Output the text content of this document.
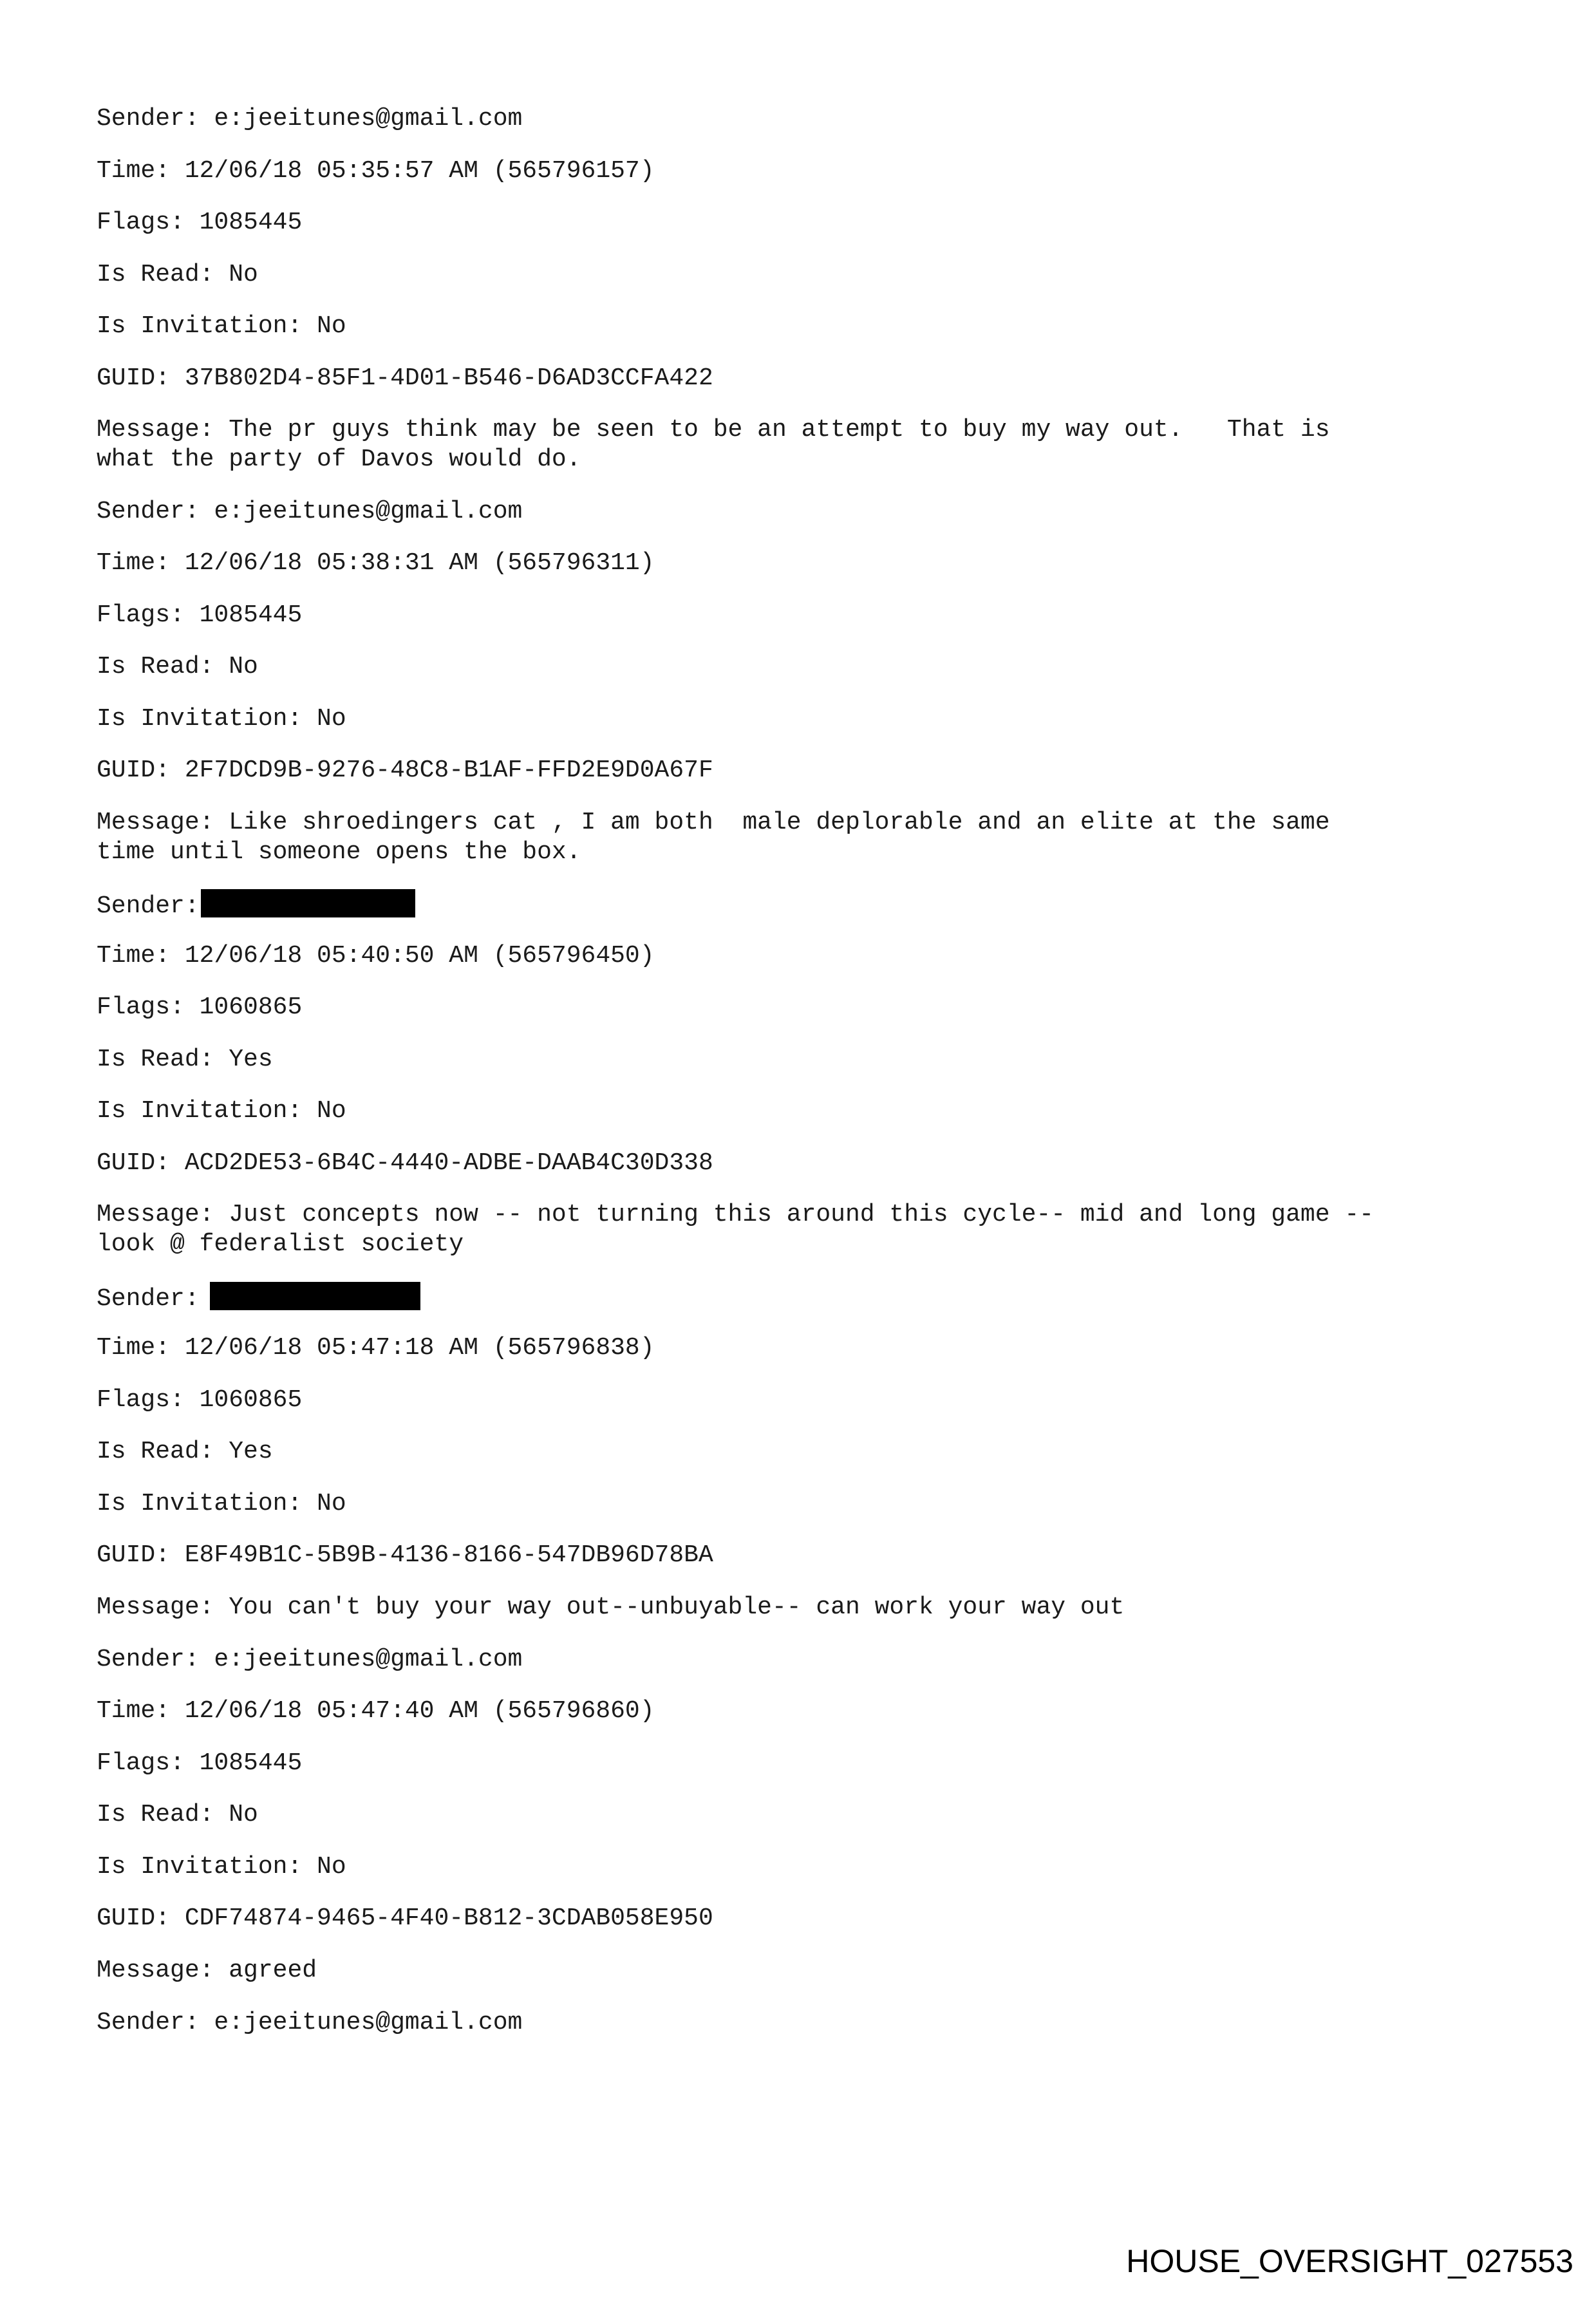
Sender: e:jeeitunes@gmail.com
Time: 12/06/18 05:35:57 AM (565796157)
Flags: 1085445
Is Read: No
Is Invitation: No
GUID: 37B802D4-85F1-4D01-B546-D6AD3CCFA422
Message: The pr guys think may be seen to be an attempt to buy my way out.   That is
what the party of Davos would do.
Sender: e:jeeitunes@gmail.com
Time: 12/06/18 05:38:31 AM (565796311)
Flags: 1085445
Is Read: No
Is Invitation: No
GUID: 2F7DCD9B-9276-48C8-B1AF-FFD2E9D0A67F
Message: Like shroedingers cat , I am both  male deplorable and an elite at the same
time until someone opens the box.
Sender:
Time: 12/06/18 05:40:50 AM (565796450)
Flags: 1060865
Is Read: Yes
Is Invitation: No
GUID: ACD2DE53-6B4C-4440-ADBE-DAAB4C30D338
Message: Just concepts now -- not turning this around this cycle-- mid and long game --
look @ federalist society
Sender:
Time: 12/06/18 05:47:18 AM (565796838)
Flags: 1060865
Is Read: Yes
Is Invitation: No
GUID: E8F49B1C-5B9B-4136-8166-547DB96D78BA
Message: You can't buy your way out--unbuyable-- can work your way out
Sender: e:jeeitunes@gmail.com
Time: 12/06/18 05:47:40 AM (565796860)
Flags: 1085445
Is Read: No
Is Invitation: No
GUID: CDF74874-9465-4F40-B812-3CDAB058E950
Message: agreed
Sender: e:jeeitunes@gmail.com
HOUSE_OVERSIGHT_027553
